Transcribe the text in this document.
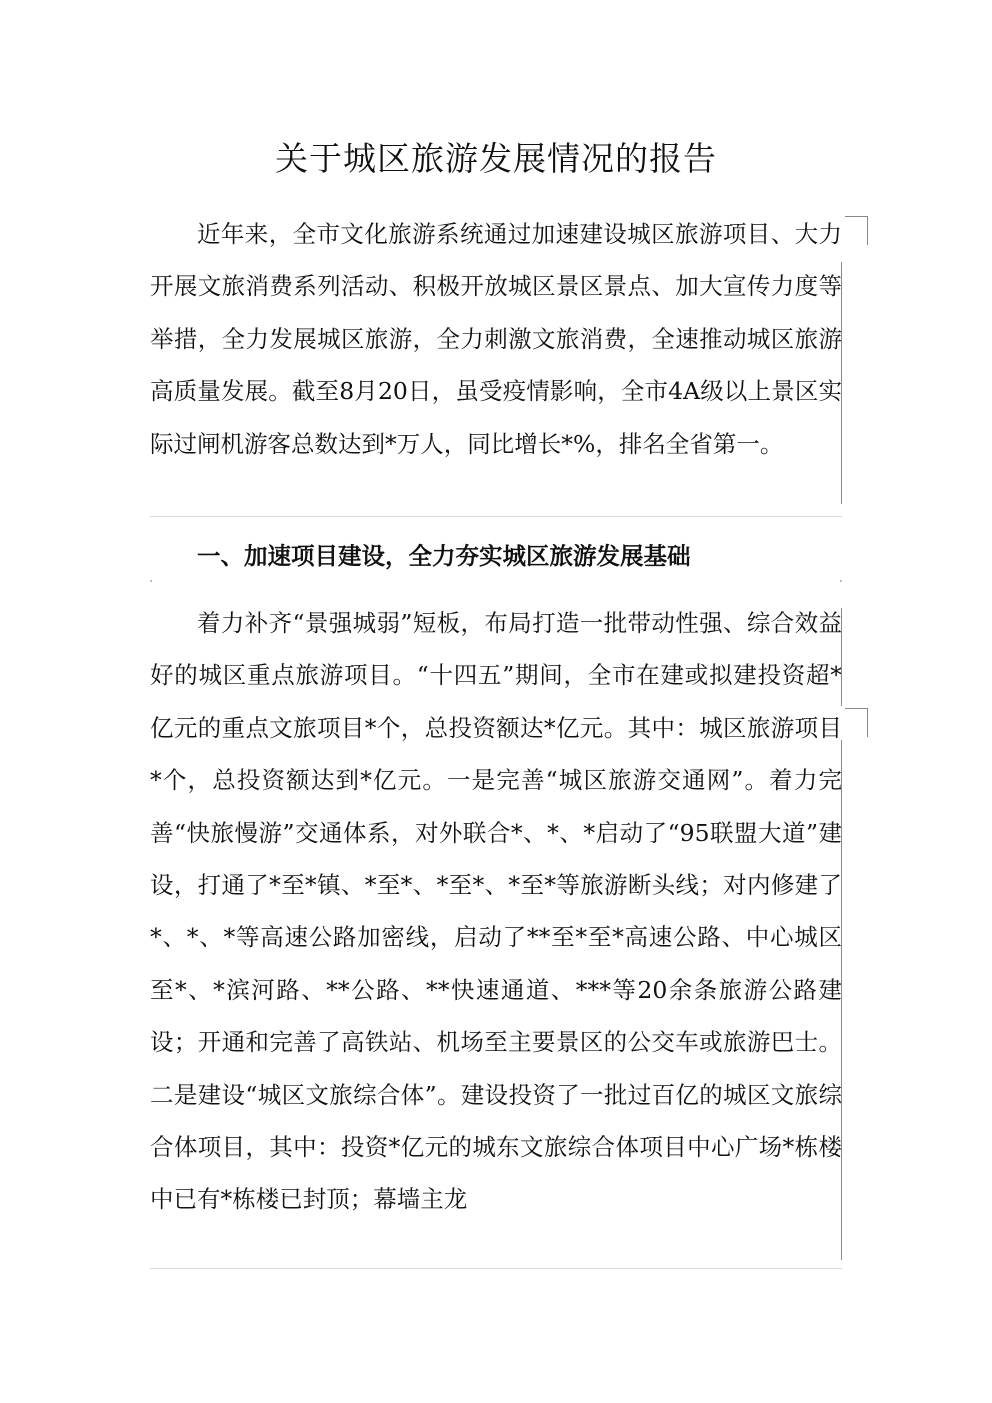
关于城区旅游发展情况的报告

近年来，全市文化旅游系统通过加速建设城区旅游项目、大力开展文旅消费系列活动、积极开放城区景区景点、加大宣传力度等举措，全力发展城区旅游，全力刺激文旅消费，全速推动城区旅游高质量发展。截至8月20日，虽受疫情影响，全市4A级以上景区实际过闸机游客总数达到*万人，同比增长*%，排名全省第一。

一、加速项目建设，全力夯实城区旅游发展基础

着力补齐“景强城弱”短板，布局打造一批带动性强、综合效益好的城区重点旅游项目。“十四五”期间，全市在建或拟建投资超*亿元的重点文旅项目*个，总投资额达*亿元。其中：城区旅游项目*个，总投资额达到*亿元。一是完善“城区旅游交通网”。着力完善“快旅慢游”交通体系，对外联合*、*、*启动了“95联盟大道”建设，打通了*至*镇、*至*、*至*、*至*等旅游断头线；对内修建了*、*、*等高速公路加密线，启动了**至*至*高速公路、中心城区至*、*滨河路、**公路、**快速通道、***等20余条旅游公路建设；开通和完善了高铁站、机场至主要景区的公交车或旅游巴士。二是建设“城区文旅综合体”。建设投资了一批过百亿的城区文旅综合体项目，其中：投资*亿元的城东文旅综合体项目中心广场*栋楼中已有*栋楼已封顶；幕墙主龙
